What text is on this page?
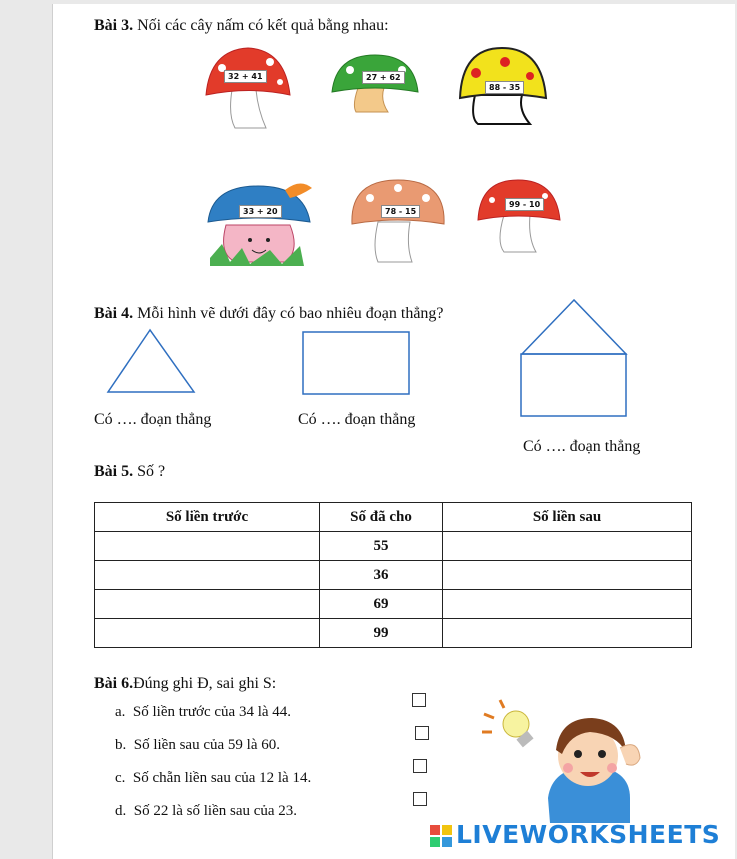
Bài 3. Nối các cây nấm có kết quả bằng nhau:
32 + 41	27 + 62
88 - 35
33 + 20	78 - 15
99 - 10
Bài 4. Mỗi hình vẽ dưới đây có bao nhiêu đoạn thẳng?
Có …. đoạn thẳng	Có …. đoạn thẳng
Có …. đoạn thẳng
Bài 5. Số ?
Số liền trước	Số đã cho	Số liền sau
	55	
	36	
	69	
	99	
Bài 6.Đúng ghi Đ, sai ghi S:
a. Số liền trước của 34 là 44.
b. Số liền sau của 59 là 60.
c. Số chẵn liền sau của 12 là 14.
d. Số 22 là số liền sau của 23.
LIVEWORKSHEETS
